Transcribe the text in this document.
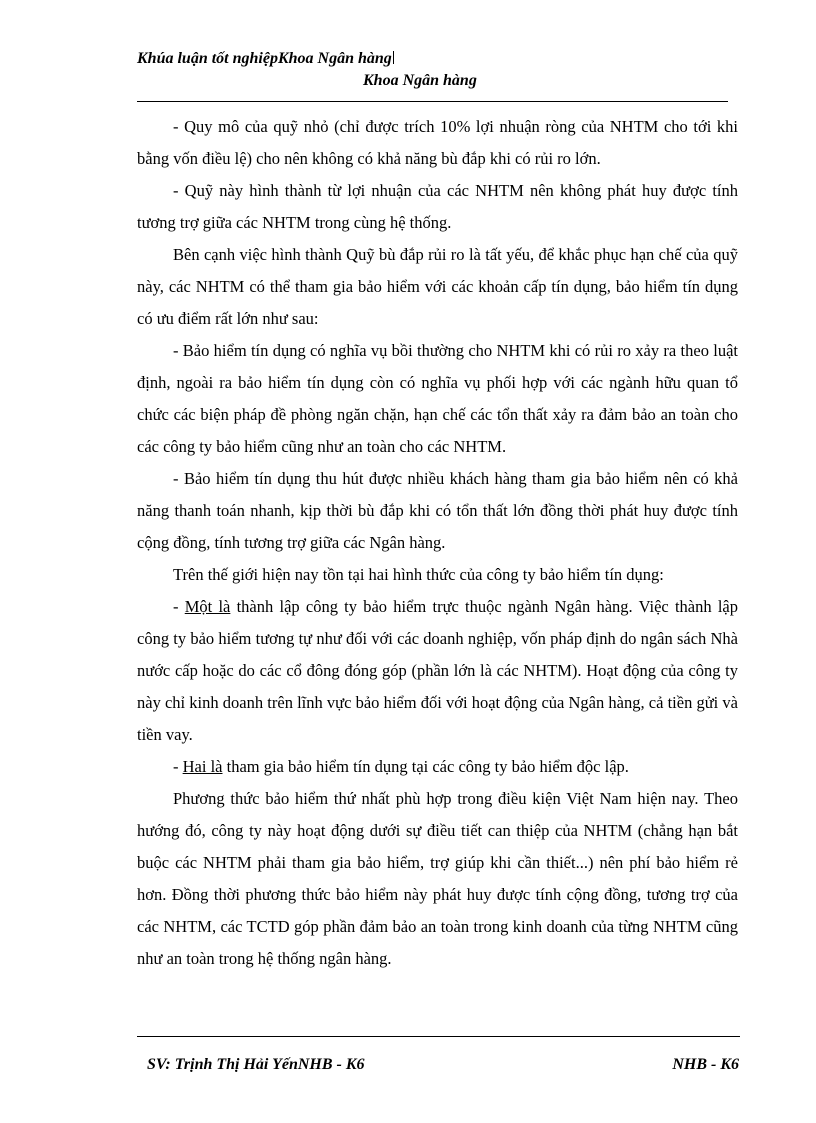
Khúa luận tốt nghiệpKhoa Ngân hàng
Khoa Ngân hàng

- Quy mô của quỹ nhỏ (chỉ được trích 10% lợi nhuận ròng của NHTM cho tới khi bằng vốn điều lệ) cho nên không có khả năng bù đắp khi có rủi ro lớn.

- Quỹ này hình thành từ lợi nhuận của các NHTM nên không phát huy được tính tương trợ giữa các NHTM trong cùng hệ thống.

Bên cạnh việc hình thành Quỹ bù đắp rủi ro là tất yếu, để khắc phục hạn chế của quỹ này, các NHTM có thể tham gia bảo hiểm với các khoản cấp tín dụng, bảo hiểm tín dụng có ưu điểm rất lớn như sau:

- Bảo hiểm tín dụng có nghĩa vụ bồi thường cho NHTM khi có rủi ro xảy ra theo luật định, ngoài ra bảo hiểm tín dụng còn có nghĩa vụ phối hợp với các ngành hữu quan tổ chức các biện pháp đề phòng ngăn chặn, hạn chế các tổn thất xảy ra đảm bảo an toàn cho các công ty bảo hiểm cũng như an toàn cho các NHTM.

- Bảo hiểm tín dụng thu hút được nhiều khách hàng tham gia bảo hiểm nên có khả năng thanh toán nhanh, kịp thời bù đắp khi có tổn thất lớn đồng thời phát huy được tính cộng đồng, tính tương trợ giữa các Ngân hàng.

Trên thế giới hiện nay tồn tại hai hình thức của công ty bảo hiểm tín dụng:

- Một là thành lập công ty bảo hiểm trực thuộc ngành Ngân hàng. Việc thành lập công ty bảo hiểm tương tự như đối với các doanh nghiệp, vốn pháp định do ngân sách Nhà nước cấp hoặc do các cổ đông đóng góp (phần lớn là các NHTM). Hoạt động của công ty này chỉ kinh doanh trên lĩnh vực bảo hiểm đối với hoạt động của Ngân hàng, cả tiền gửi và tiền vay.

- Hai là tham gia bảo hiểm tín dụng tại các công ty bảo hiểm độc lập.

Phương thức bảo hiểm thứ nhất phù hợp trong điều kiện Việt Nam hiện nay. Theo hướng đó, công ty này hoạt động dưới sự điều tiết can thiệp của NHTM (chẳng hạn bắt buộc các NHTM phải tham gia bảo hiểm, trợ giúp khi cần thiết...) nên phí bảo hiểm rẻ hơn. Đồng thời phương thức bảo hiểm này phát huy được tính cộng đồng, tương trợ của các NHTM, các TCTD góp phần đảm bảo an toàn trong kinh doanh của từng NHTM cũng như an toàn trong hệ thống ngân hàng.

SV: Trịnh Thị Hải YếnNHB - K6	NHB - K6
